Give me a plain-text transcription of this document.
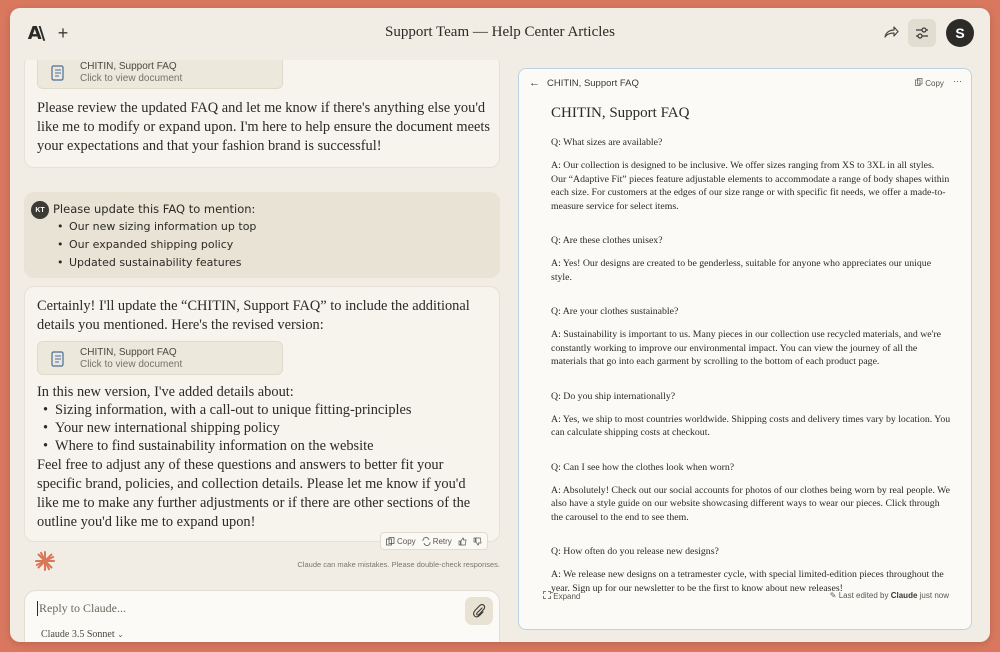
A\ +	Support Team — Help Center Articles	S
CHITIN, Support FAQ
Click to view document
Please review the updated FAQ and let me know if there's anything else you'd like me to modify or expand upon. I'm here to help ensure the document meets your expectations and that your fashion brand is successful!
KT Please update this FAQ to mention:
• Our new sizing information up top
• Our expanded shipping policy
• Updated sustainability features
Certainly! I'll update the “CHITIN, Support FAQ” to include the additional details you mentioned. Here's the revised version:
CHITIN, Support FAQ
Click to view document
In this new version, I've added details about:
• Sizing information, with a call-out to unique fitting-principles
• Your new international shipping policy
• Where to find sustainability information on the website
Feel free to adjust any of these questions and answers to better fit your specific brand, policies, and collection details. Please let me know if you'd like me to make any further adjustments or if there are other sections of the outline you'd like me to expand upon!
Copy Retry
Claude can make mistakes. Please double-check responses.
Reply to Claude...
Claude 3.5 Sonnet ⌄
← CHITIN, Support FAQ	Copy ⋯
CHITIN, Support FAQ
Q: What sizes are available?
A: Our collection is designed to be inclusive. We offer sizes ranging from XS to 3XL in all styles. Our “Adaptive Fit” pieces feature adjustable elements to accommodate a range of body shapes within each size. For customers at the edges of our size range or with specific fit needs, we offer a made-to-measure service for select items.
Q: Are these clothes unisex?
A: Yes! Our designs are created to be genderless, suitable for anyone who appreciates our unique style.
Q: Are your clothes sustainable?
A: Sustainability is important to us. Many pieces in our collection use recycled materials, and we're constantly working to improve our environmental impact. You can view the journey of all the materials that go into each garment by scrolling to the bottom of each product page.
Q: Do you ship internationally?
A: Yes, we ship to most countries worldwide. Shipping costs and delivery times vary by location. You can calculate shipping costs at checkout.
Q: Can I see how the clothes look when worn?
A: Absolutely! Check out our social accounts for photos of our clothes being worn by real people. We also have a style guide on our website showcasing different ways to wear our pieces. Click through the carousel to the end to see them.
Q: How often do you release new designs?
A: We release new designs on a tetramester cycle, with special limited-edition pieces throughout the year. Sign up for our newsletter to be the first to know about new releases!
Expand	✎ Last edited by Claude just now
